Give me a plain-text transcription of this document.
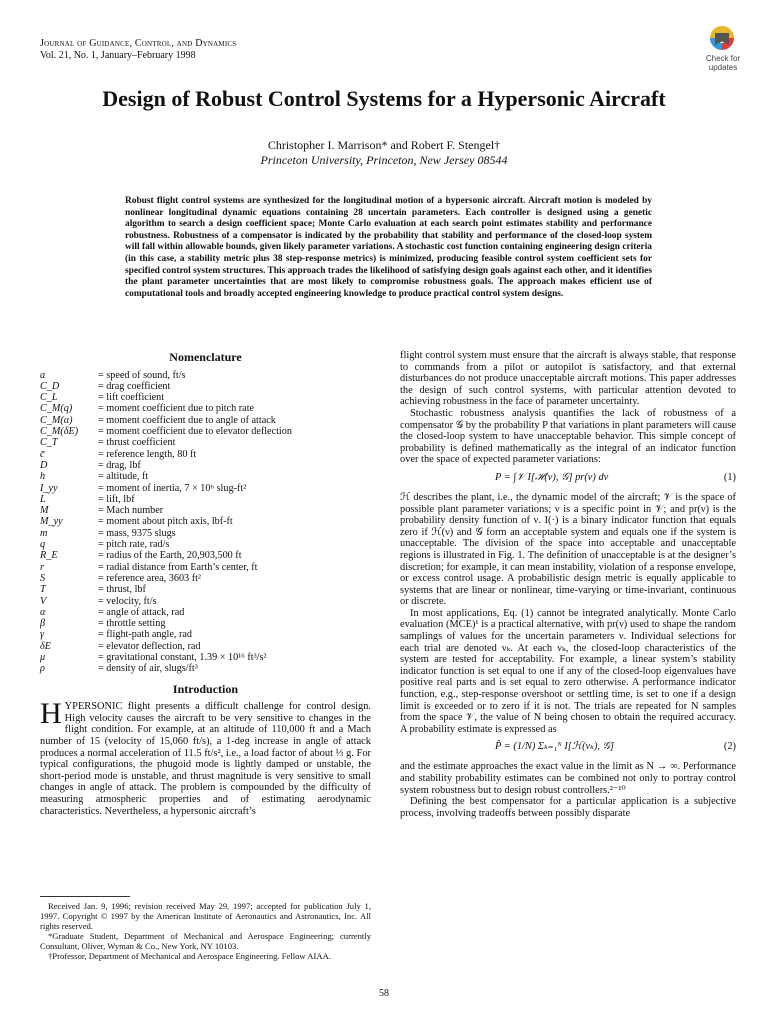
Journal of Guidance, Control, and Dynamics
Vol. 21, No. 1, January–February 1998	Check for
updates
Design of Robust Control Systems for a Hypersonic Aircraft
Christopher I. Marrison* and Robert F. Stengel†
Princeton University, Princeton, New Jersey 08544
Robust flight control systems are synthesized for the longitudinal motion of a hypersonic aircraft. Aircraft motion is modeled by nonlinear longitudinal dynamic equations containing 28 uncertain parameters. Each controller is designed using a genetic algorithm to search a design coefficient space; Monte Carlo evaluation at each search point estimates stability and performance robustness. Robustness of a compensator is indicated by the probability that stability and performance of the closed-loop system will fall within allowable bounds, given likely parameter variations. A stochastic cost function containing engineering design criteria (in this case, a stability metric plus 38 step-response metrics) is minimized, producing feasible control system coefficient sets for specified control system structures. This approach trades the likelihood of satisfying design goals against each other, and it identifies the plant parameter uncertainties that are most likely to compromise robustness goals. The approach makes efficient use of computational tools and broadly accepted engineering knowledge to produce practical control system designs.
Nomenclature
a	= speed of sound, ft/s
C_D	= drag coefficient
C_L	= lift coefficient
C_M(q)	= moment coefficient due to pitch rate
C_M(α)	= moment coefficient due to angle of attack
C_M(δE)	= moment coefficient due to elevator deflection
C_T	= thrust coefficient
c̄	= reference length, 80 ft
D	= drag, lbf
h	= altitude, ft
I_yy	= moment of inertia, 7 × 10⁶ slug-ft²
L	= lift, lbf
M	= Mach number
M_yy	= moment about pitch axis, lbf-ft
m	= mass, 9375 slugs
q	= pitch rate, rad/s
R_E	= radius of the Earth, 20,903,500 ft
r	= radial distance from Earth’s center, ft
S	= reference area, 3603 ft²
T	= thrust, lbf
V	= velocity, ft/s
α	= angle of attack, rad
β	= throttle setting
γ	= flight-path angle, rad
δE	= elevator deflection, rad
μ	= gravitational constant, 1.39 × 10¹⁶ ft³/s²
ρ	= density of air, slugs/ft³
Introduction
HYPERSONIC flight presents a difficult challenge for control design. High velocity causes the aircraft to be very sensitive to changes in the flight condition. For example, at an altitude of 110,000 ft and a Mach number of 15 (velocity of 15,060 ft/s), a 1-deg increase in angle of attack produces a normal acceleration of 11.5 ft/s², i.e., a load factor of about ⅓ g. For typical configurations, the phugoid mode is lightly damped or unstable, the short-period mode is unstable, and thrust magnitude is very sensitive to small changes in angle of attack. The problem is compounded by the difficulty of measuring atmospheric properties and of estimating aerodynamic characteristics. Nevertheless, a hypersonic aircraft’s

Received Jan. 9, 1996; revision received May 29, 1997; accepted for publication July 1, 1997. Copyright © 1997 by the American Institute of Aeronautics and Astronautics, Inc. All rights reserved.

*Graduate Student, Department of Mechanical and Aerospace Engineering; currently Consultant, Oliver, Wyman & Co., New York, NY 10103.

†Professor, Department of Mechanical and Aerospace Engineering. Fellow AIAA.

flight control system must ensure that the aircraft is always stable, that response to commands from a pilot or autopilot is satisfactory, and that external disturbances do not produce unacceptable aircraft motions. This paper addresses the design of such control systems, with particular attention devoted to achieving robustness in the face of parameter uncertainty.

Stochastic robustness analysis quantifies the lack of robustness of a compensator 𝒢 by the probability P that variations in plant parameters will cause the closed-loop system to have unacceptable behavior. This simple concept of probability is defined mathematically as the integral of an indicator function over the space of expected parameter variations:

P = ∫𝒱 I[ℋ(ν), 𝒢] pr(ν) dν	(1)

ℋ describes the plant, i.e., the dynamic model of the aircraft; 𝒱 is the space of possible plant parameter variations; ν is a specific point in 𝒱; and pr(ν) is the probability density function of ν. I(·) is a binary indicator function that equals zero if ℋ(ν) and 𝒢 form an acceptable system and equals one if the system is unacceptable. The division of the space into acceptable and unacceptable regions is illustrated in Fig. 1. The definition of unacceptable is at the designer’s discretion; for example, it can mean instability, violation of a response envelope, or excess control usage. A probabilistic design metric is equally applicable to systems that are linear or nonlinear, time-varying or time-invariant, continuous or discrete.

In most applications, Eq. (1) cannot be integrated analytically. Monte Carlo evaluation (MCE)¹ is a practical alternative, with pr(ν) used to shape the random samplings of values for the uncertain parameters ν. Individual selections for each trial are denoted νₖ. At each νₖ, the closed-loop characteristics of the system are tested for acceptability. For example, a linear system’s stability indicator function is set equal to one if any of the closed-loop eigenvalues have positive real parts and is set equal to zero otherwise. A performance indicator function, e.g., step-response overshoot or settling time, is set to one if a design limit is exceeded or to zero if it is not. The trials are repeated for N samples from the space 𝒱, the value of N being chosen to obtain the required accuracy. A probability estimate is expressed as

P̂ = (1/N) Σₖ₌₁ᴺ I[ℋ(νₖ), 𝒢]	(2)

and the estimate approaches the exact value in the limit as N → ∞. Performance and stability probability estimates can be combined not only to portray control system robustness but to design robust controllers.²⁻¹⁰

Defining the best compensator for a particular application is a subjective process, involving tradeoffs between possibly disparate

58
